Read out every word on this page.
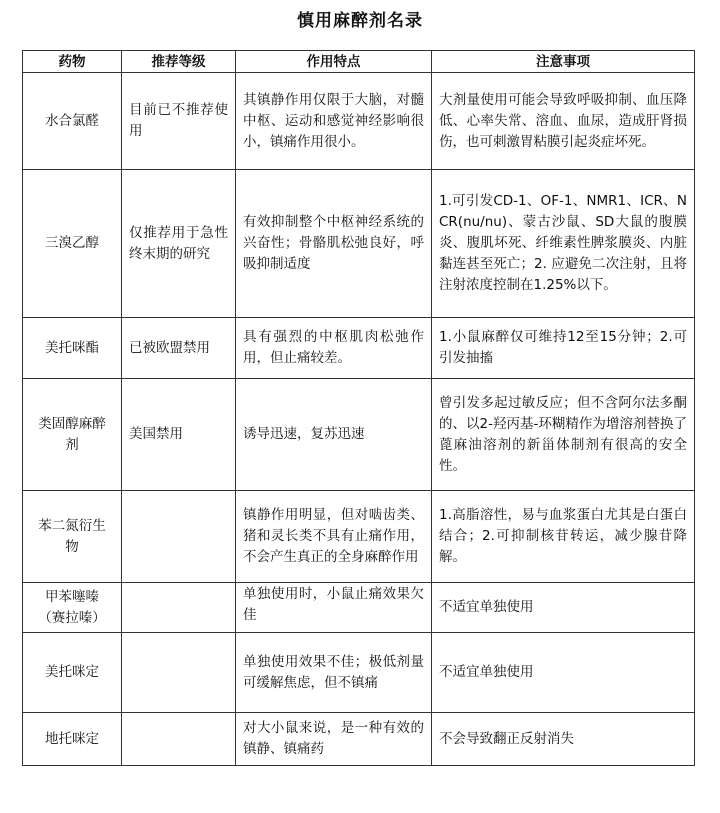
慎用麻醉剂名录
药物	推荐等级	作用特点	注意事项

水合氯醛	目前已不推荐使用	其镇静作用仅限于大脑，对髓中枢、运动和感觉神经影响很小，镇痛作用很小。	大剂量使用可能会导致呼吸抑制、血压降低、心率失常、溶血、血尿，造成肝肾损伤，也可刺激胃粘膜引起炎症坏死。

三溴乙醇	仅推荐用于急性终末期的研究	有效抑制整个中枢神经系统的兴奋性；骨骼肌松弛良好，呼吸抑制适度	1.可引发CD-1、OF-1、NMR1、ICR、NCR(nu/nu)、蒙古沙鼠、SD大鼠的腹膜炎、腹肌坏死、纤维素性脾浆膜炎、内脏黏连甚至死亡；2. 应避免二次注射，且将注射浓度控制在1.25%以下。

美托咪酯	已被欧盟禁用	具有强烈的中枢肌肉松弛作用，但止痛较差。	1.小鼠麻醉仅可维持12至15分钟；2.可引发抽搐

类固醇麻醉剂	美国禁用	诱导迅速，复苏迅速	曾引发多起过敏反应；但不含阿尔法多酮的、以2-羟丙基-环糊精作为增溶剂替换了蓖麻油溶剂的新甾体制剂有很高的安全性。

苯二氮衍生物		镇静作用明显，但对啮齿类、猪和灵长类不具有止痛作用，不会产生真正的全身麻醉作用	1.高脂溶性，易与血浆蛋白尤其是白蛋白结合；2.可抑制核苷转运，减少腺苷降解。

甲苯噻嗪（赛拉嗪）		单独使用时，小鼠止痛效果欠佳	不适宜单独使用

美托咪定		单独使用效果不佳；极低剂量可缓解焦虑，但不镇痛	不适宜单独使用

地托咪定		对大小鼠来说，是一种有效的镇静、镇痛药	不会导致翻正反射消失
